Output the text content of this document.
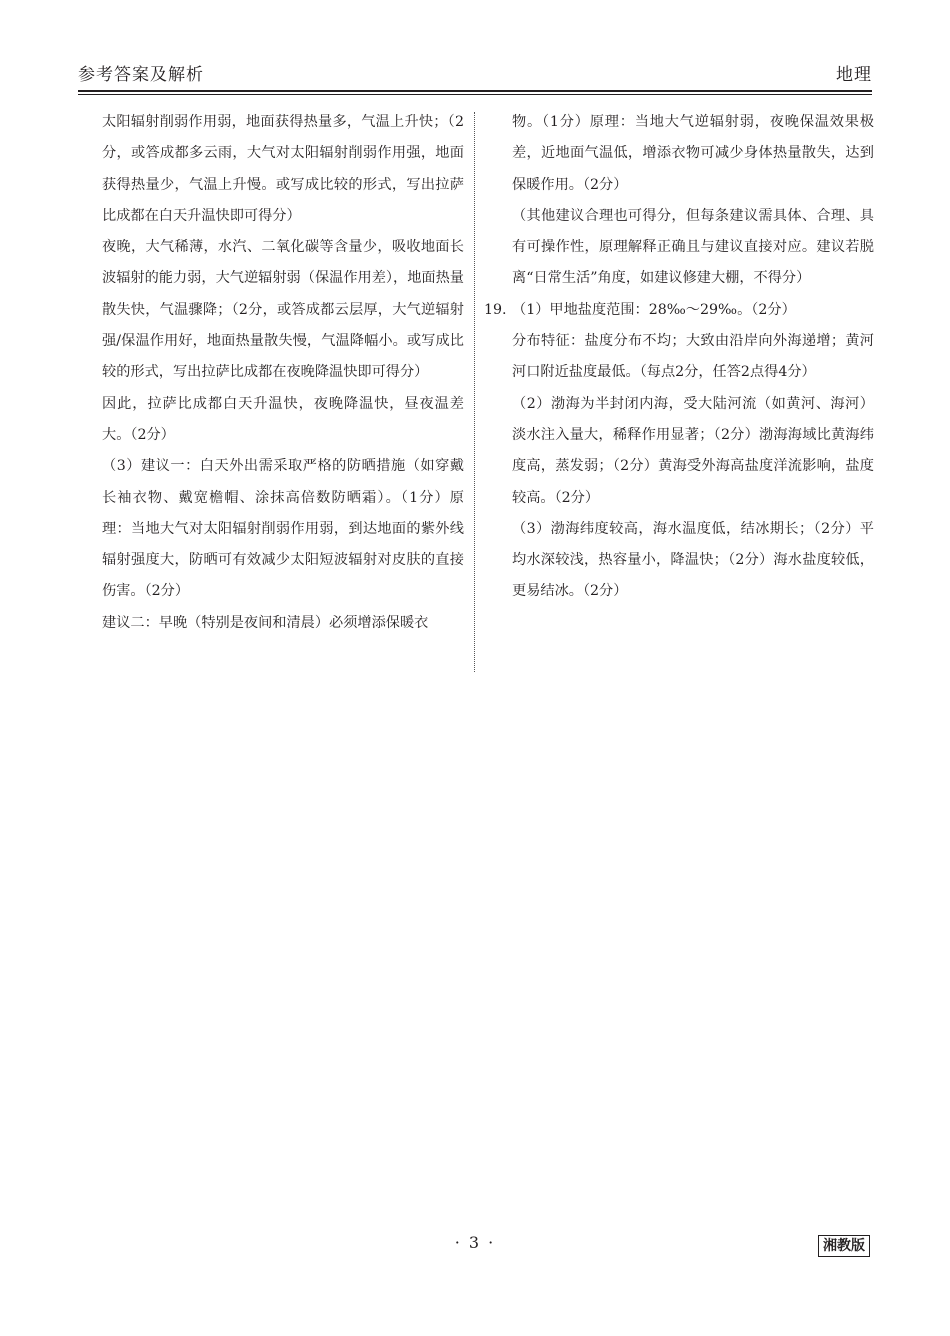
参考答案及解析	地理

太阳辐射削弱作用弱，地面获得热量多，气温上升快；（2分，或答成都多云雨，大气对太阳辐射削弱作用强，地面获得热量少，气温上升慢。或写成比较的形式，写出拉萨比成都在白天升温快即可得分）

夜晚，大气稀薄，水汽、二氧化碳等含量少，吸收地面长波辐射的能力弱，大气逆辐射弱（保温作用差），地面热量散失快，气温骤降；（2分，或答成都云层厚，大气逆辐射强/保温作用好，地面热量散失慢，气温降幅小。或写成比较的形式，写出拉萨比成都在夜晚降温快即可得分）

因此，拉萨比成都白天升温快，夜晚降温快，昼夜温差大。（2分）

（3）建议一：白天外出需采取严格的防晒措施（如穿戴长袖衣物、戴宽檐帽、涂抹高倍数防晒霜）。（1分）原理：当地大气对太阳辐射削弱作用弱，到达地面的紫外线辐射强度大，防晒可有效减少太阳短波辐射对皮肤的直接伤害。（2分）

建议二：早晚（特别是夜间和清晨）必须增添保暖衣

物。（1分）原理：当地大气逆辐射弱，夜晚保温效果极差，近地面气温低，增添衣物可减少身体热量散失，达到保暖作用。（2分）

（其他建议合理也可得分，但每条建议需具体、合理、具有可操作性，原理解释正确且与建议直接对应。建议若脱离“日常生活”角度，如建议修建大棚，不得分）

19. （1）甲地盐度范围：28‰～29‰。（2分）

分布特征：盐度分布不均；大致由沿岸向外海递增；黄河河口附近盐度最低。（每点2分，任答2点得4分）

（2）渤海为半封闭内海，受大陆河流（如黄河、海河）淡水注入量大，稀释作用显著；（2分）渤海海域比黄海纬度高，蒸发弱；（2分）黄海受外海高盐度洋流影响，盐度较高。（2分）

（3）渤海纬度较高，海水温度低，结冰期长；（2分）平均水深较浅，热容量小，降温快；（2分）海水盐度较低，更易结冰。（2分）

· 3 ·	湘教版
